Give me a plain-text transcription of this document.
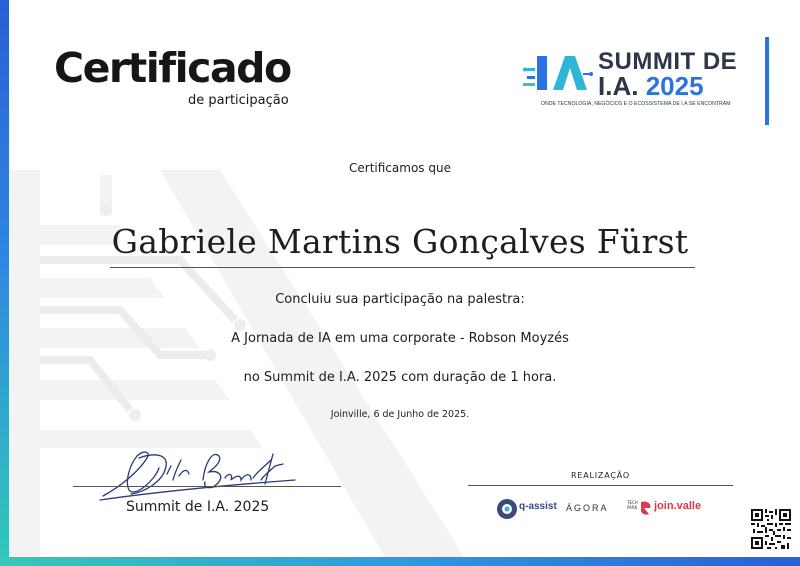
Certificado
de participação
SUMMIT DE
I.A. 2025
ONDE TECNOLOGIA, NEGÓCIOS E O ECOSSISTEMA DE I.A SE ENCONTRAM
Certificamos que
Gabriele Martins Gonçalves Fürst
Concluiu sua participação na palestra:
A Jornada de IA em uma corporate - Robson Moyzés
no Summit de I.A. 2025 com duração de 1 hora.
Joinville, 6 de Junho de 2025.
Summit de I.A. 2025
REALIZAÇÃO
q-assist ÁGORA
TECH PARK	join.valle
